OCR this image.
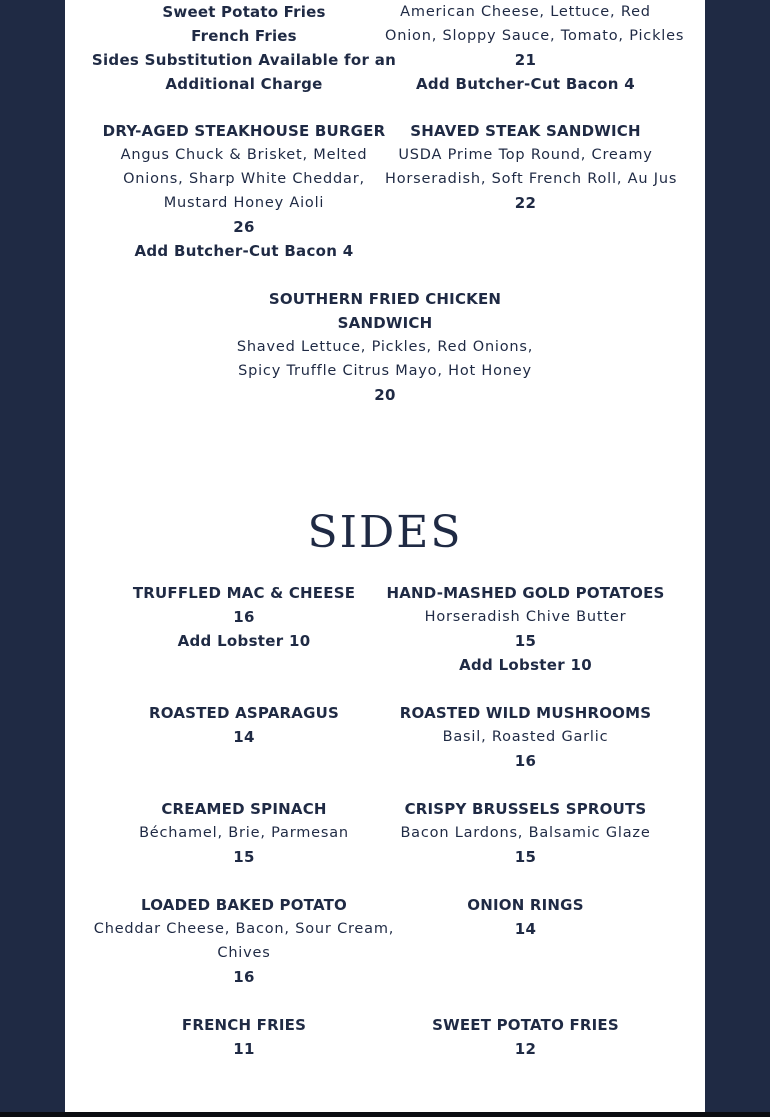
Sweet Potato Fries
French Fries
Sides Substitution Available for an
Additional Charge
American Cheese, Lettuce, Red
Onion, Sloppy Sauce, Tomato, Pickles
21
Add Butcher-Cut Bacon 4
DRY-AGED STEAKHOUSE BURGER
Angus Chuck & Brisket, Melted
Onions, Sharp White Cheddar,
Mustard Honey Aioli
26
Add Butcher-Cut Bacon 4
SHAVED STEAK SANDWICH
USDA Prime Top Round, Creamy
Horseradish, Soft French Roll, Au Jus
22
SOUTHERN FRIED CHICKEN
SANDWICH
Shaved Lettuce, Pickles, Red Onions,
Spicy Truffle Citrus Mayo, Hot Honey
20
SIDES
TRUFFLED MAC & CHEESE
16
Add Lobster 10
HAND-MASHED GOLD POTATOES
Horseradish Chive Butter
15
Add Lobster 10
ROASTED ASPARAGUS
14
ROASTED WILD MUSHROOMS
Basil, Roasted Garlic
16
CREAMED SPINACH
Béchamel, Brie, Parmesan
15
CRISPY BRUSSELS SPROUTS
Bacon Lardons, Balsamic Glaze
15
LOADED BAKED POTATO
Cheddar Cheese, Bacon, Sour Cream,
Chives
16
ONION RINGS
14
FRENCH FRIES
11
SWEET POTATO FRIES
12
